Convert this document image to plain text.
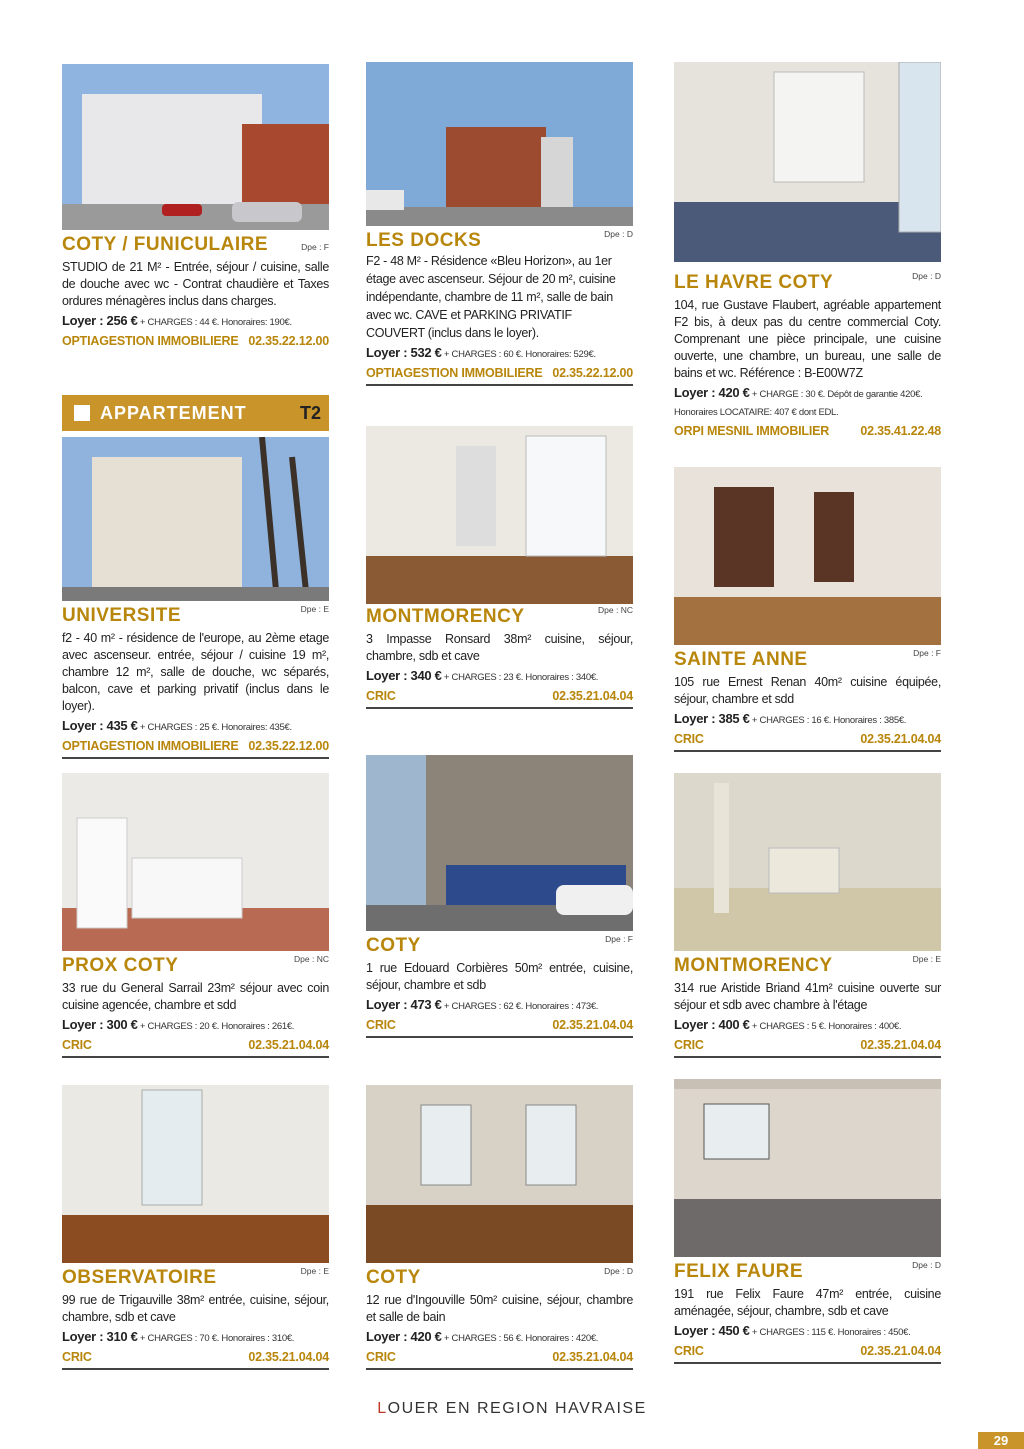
COTY / FUNICULAIRE	Dpe : F
STUDIO de 21 M² - Entrée, séjour / cuisine, salle de douche avec wc - Contrat chaudière et Taxes ordures ménagères inclus dans charges.
Loyer : 256 € + CHARGES : 44 €. Honoraires: 190€.
OPTIAGESTION IMMOBILIERE 02.35.22.12.00
APPARTEMENT	T2
LES DOCKS	Dpe : D
F2 - 48 M² - Résidence «Bleu Horizon», au 1er étage avec ascenseur. Séjour de 20 m², cuisine indépendante, chambre de 11 m², salle de bain avec wc. CAVE et PARKING PRIVATIF COUVERT (inclus dans le loyer).
Loyer : 532 € + CHARGES : 60 €. Honoraires: 529€.
OPTIAGESTION IMMOBILIERE 02.35.22.12.00
LE HAVRE COTY	Dpe : D
104, rue Gustave Flaubert, agréable appartement F2 bis, à deux pas du centre commercial Coty. Comprenant une pièce principale, une cuisine ouverte, une chambre, un bureau, une salle de bains et wc. Référence : B-E00W7Z
Loyer : 420 € + CHARGE : 30 €. Dépôt de garantie 420€. Honoraires LOCATAIRE: 407 € dont EDL.
ORPI MESNIL IMMOBILIER	02.35.41.22.48
UNIVERSITE	Dpe : E
f2 - 40 m² - résidence de l'europe, au 2ème etage avec ascenseur. entrée, séjour / cuisine 19 m², chambre 12 m², salle de douche, wc séparés, balcon, cave et parking privatif (inclus dans le loyer).
Loyer : 435 € + CHARGES : 25 €. Honoraires: 435€.
OPTIAGESTION IMMOBILIERE 02.35.22.12.00
MONTMORENCY	Dpe : NC
3 Impasse Ronsard 38m² cuisine, séjour, chambre, sdb et cave
Loyer : 340 € + CHARGES : 23 €. Honoraires : 340€.
CRIC	02.35.21.04.04
SAINTE ANNE	Dpe : F
105 rue Ernest Renan 40m² cuisine équipée, séjour, chambre et sdd
Loyer : 385 € + CHARGES : 16 €. Honoraires : 385€.
CRIC	02.35.21.04.04
PROX COTY	Dpe : NC
33 rue du General Sarrail 23m² séjour avec coin cuisine agencée, chambre et sdd
Loyer : 300 € + CHARGES : 20 €. Honoraires : 261€.
CRIC	02.35.21.04.04
COTY	Dpe : F
1 rue Edouard Corbières 50m² entrée, cuisine, séjour, chambre et sdb
Loyer : 473 € + CHARGES : 62 €. Honoraires : 473€.
CRIC	02.35.21.04.04
MONTMORENCY	Dpe : E
314 rue Aristide Briand 41m² cuisine ouverte sur séjour et sdb avec chambre à l'étage
Loyer : 400 € + CHARGES : 5 €. Honoraires : 400€.
CRIC	02.35.21.04.04
OBSERVATOIRE	Dpe : E
99 rue de Trigauville 38m² entrée, cuisine, séjour, chambre, sdb et cave
Loyer : 310 € + CHARGES : 70 €. Honoraires : 310€.
CRIC	02.35.21.04.04
COTY	Dpe : D
12 rue d'Ingouville 50m² cuisine, séjour, chambre et salle de bain
Loyer : 420 € + CHARGES : 56 €. Honoraires : 420€.
CRIC	02.35.21.04.04
FELIX FAURE	Dpe : D
191 rue Felix Faure 47m² entrée, cuisine aménagée, séjour, chambre, sdb et cave
Loyer : 450 € + CHARGES : 115 €. Honoraires : 450€.
CRIC	02.35.21.04.04
LOUER EN REGION HAVRAISE
29
